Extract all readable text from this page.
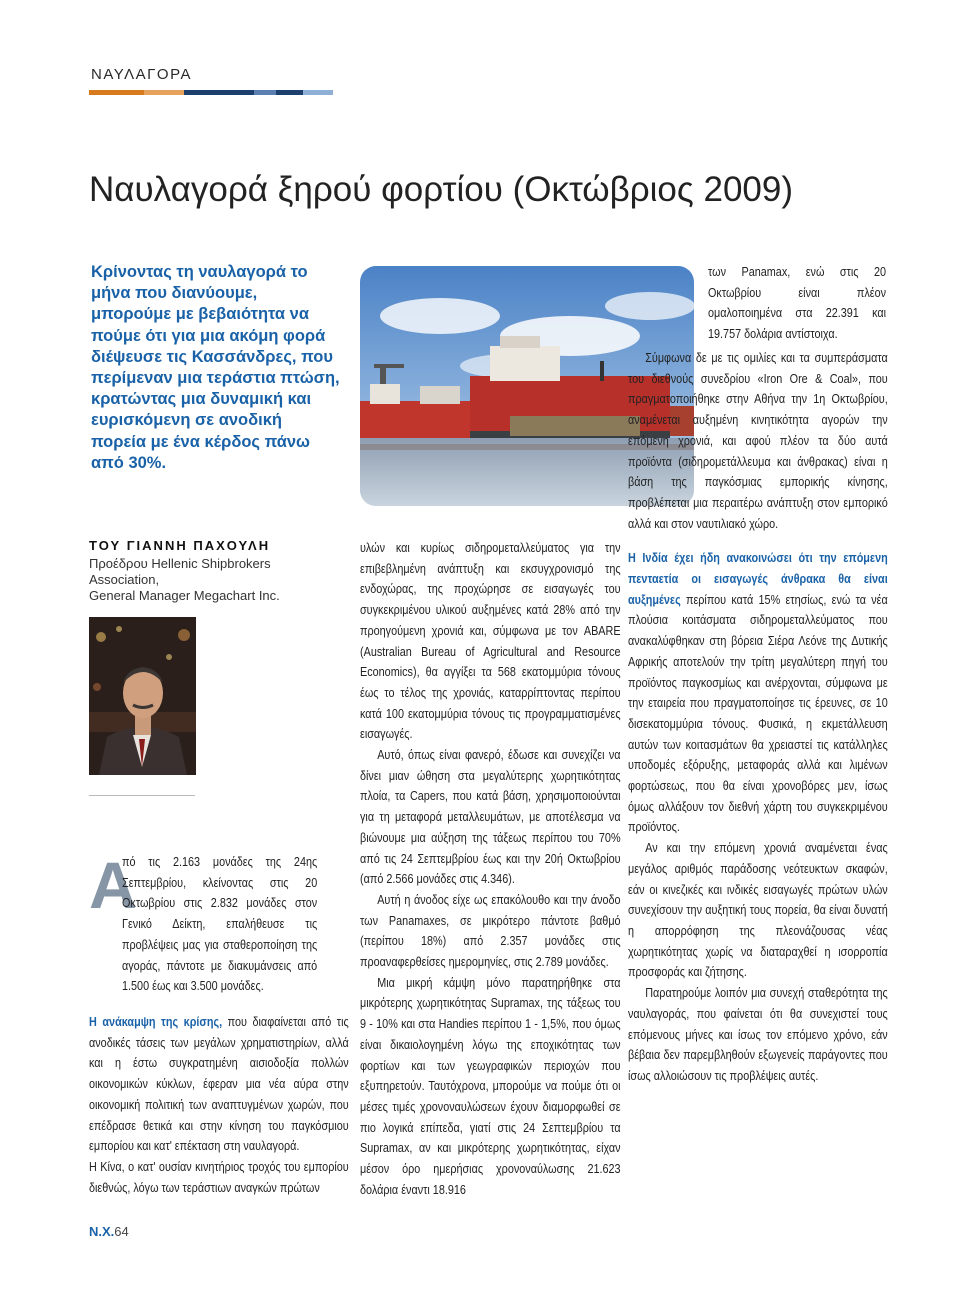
ΝΑΥΛΑΓΟΡΑ
Ναυλαγορά ξηρού φορτίου (Οκτώβριος 2009)
Κρίνοντας τη ναυλαγορά το μήνα που διανύουμε, μπορούμε με βεβαιότητα να πούμε ότι για μια ακόμη φορά διέψευσε τις Κασσάνδρες, που περίμεναν μια τεράστια πτώση, κρατώντας μια δυναμική και ευρισκόμενη σε ανοδική πορεία με ένα κέρδος πάνω από 30%.
ΤΟΥ ΓΙΑΝΝΗ ΠΑΧΟΥΛΗ
Προέδρου Hellenic Shipbrokers Association,
General Manager Megachart Inc.
Α

πό τις 2.163 μονάδες της 24ης Σεπτεμβρίου, κλείνοντας στις 20 Οκτωβρίου στις 2.832 μονάδες στον Γενικό Δείκτη, επαλήθευσε τις προβλέψεις μας για σταθεροποίηση της αγοράς, πάντοτε με διακυμάνσεις από 1.500 έως και 3.500 μονάδες.

Η ανάκαμψη της κρίσης, που διαφαίνεται από τις ανοδικές τάσεις των μεγάλων χρηματιστηρίων, αλλά και η έστω συγκρατημένη αισιοδοξία πολλών οικονομικών κύκλων, έφεραν μια νέα αύρα στην οικονομική πολιτική των αναπτυγμένων χωρών, που επέδρασε θετικά και στην κίνηση του παγκόσμιου εμπορίου και κατ' επέκταση στη ναυλαγορά.

Η Κίνα, ο κατ' ουσίαν κινητήριος τροχός του εμπορίου διεθνώς, λόγω των τεράστιων αναγκών πρώτων

υλών και κυρίως σιδηρομεταλλεύματος για την επιβεβλημένη ανάπτυξη και εκσυγχρονισμό της ενδοχώρας, της προχώρησε σε εισαγωγές του συγκεκριμένου υλικού αυξημένες κατά 28% από την προηγούμενη χρονιά και, σύμφωνα με τον ABARE (Australian Bureau of Agricultural and Resource Economics), θα αγγίξει τα 568 εκατομμύρια τόνους έως το τέλος της χρονιάς, καταρρίπτοντας περίπου κατά 100 εκατομμύρια τόνους τις προγραμματισμένες εισαγωγές.

Αυτό, όπως είναι φανερό, έδωσε και συνεχίζει να δίνει μιαν ώθηση στα μεγαλύτερης χωρητικότητας πλοία, τα Capers, που κατά βάση, χρησιμοποιούνται για τη μεταφορά μεταλλευμάτων, με αποτέλεσμα να βιώνουμε μια αύξηση της τάξεως περίπου του 70% από τις 24 Σεπτεμβρίου έως και την 20ή Οκτωβρίου (από 2.566 μονάδες στις 4.346).

Αυτή η άνοδος είχε ως επακόλουθο και την άνοδο των Panamaxes, σε μικρότερο πάντοτε βαθμό (περίπου 18%) από 2.357 μονάδες στις προαναφερθείσες ημερομηνίες, στις 2.789 μονάδες.

Μια μικρή κάμψη μόνο παρατηρήθηκε στα μικρότερης χωρητικότητας Supramax, της τάξεως του 9 - 10% και στα Handies περίπου 1 - 1,5%, που όμως είναι δικαιολογημένη λόγω της εποχικότητας των φορτίων και των γεωγραφικών περιοχών που εξυπηρετούν. Ταυτόχρονα, μπορούμε να πούμε ότι οι μέσες τιμές χρονοναυλώσεων έχουν διαμορφωθεί σε πιο λογικά επίπεδα, γιατί στις 24 Σεπτεμβρίου τα Supramax, αν και μικρότερης χωρητικότητας, είχαν μέσον όρο ημερήσιας χρονοναύλωσης 21.623 δολάρια έναντι 18.916

των Panamax, ενώ στις 20 Οκτωβρίου είναι πλέον ομαλοποιημένα στα 22.391 και 19.757 δολάρια αντίστοιχα.

Σύμφωνα δε με τις ομιλίες και τα συμπεράσματα του διεθνούς συνεδρίου «Iron Ore & Coal», που πραγματοποιήθηκε στην Αθήνα την 1η Οκτωβρίου, αναμένεται αυξημένη κινητικότητα αγορών την επόμενη χρονιά, και αφού πλέον τα δύο αυτά προϊόντα (σιδηρομετάλλευμα και άνθρακας) είναι η βάση της παγκόσμιας εμπορικής κίνησης, προβλέπεται μια περαιτέρω ανάπτυξη στον εμπορικό αλλά και στον ναυτιλιακό χώρο.

Η Ινδία έχει ήδη ανακοινώσει ότι την επόμενη πενταετία οι εισαγωγές άνθρακα θα είναι αυξημένες περίπου κατά 15% ετησίως, ενώ τα νέα πλούσια κοιτάσματα σιδηρομεταλλεύματος που ανακαλύφθηκαν στη βόρεια Σιέρα Λεόνε της Δυτικής Αφρικής αποτελούν την τρίτη μεγαλύτερη πηγή του προϊόντος παγκοσμίως και ανέρχονται, σύμφωνα με την εταιρεία που πραγματοποίησε τις έρευνες, σε 10 δισεκατομμύρια τόνους. Φυσικά, η εκμετάλλευση αυτών των κοιτασμάτων θα χρειαστεί τις κατάλληλες υποδομές εξόρυξης, μεταφοράς αλλά και λιμένων φορτώσεως, που θα είναι χρονοβόρες μεν, ίσως όμως αλλάξουν τον διεθνή χάρτη του συγκεκριμένου προϊόντος.

Αν και την επόμενη χρονιά αναμένεται ένας μεγάλος αριθμός παράδοσης νεότευκτων σκαφών, εάν οι κινεζικές και ινδικές εισαγωγές πρώτων υλών συνεχίσουν την αυξητική τους πορεία, θα είναι δυνατή η απορρόφηση της πλεονάζουσας νέας χωρητικότητας χωρίς να διαταραχθεί η ισορροπία προσφοράς και ζήτησης.

Παρατηρούμε λοιπόν μια συνεχή σταθερότητα της ναυλαγοράς, που φαίνεται ότι θα συνεχιστεί τους επόμενους μήνες και ίσως τον επόμενο χρόνο, εάν βέβαια δεν παρεμβληθούν εξωγενείς παράγοντες που ίσως αλλοιώσουν τις προβλέψεις αυτές.

Ν.Χ.64
